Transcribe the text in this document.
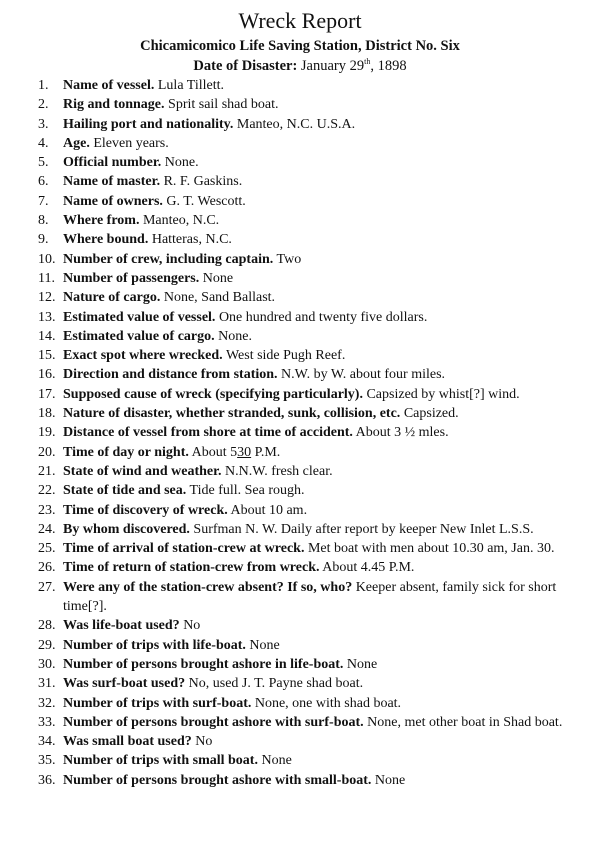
Wreck Report
Chicamicomico Life Saving Station, District No. Six
Date of Disaster: January 29th, 1898
1. Name of vessel. Lula Tillett.
2. Rig and tonnage. Sprit sail shad boat.
3. Hailing port and nationality. Manteo, N.C. U.S.A.
4. Age. Eleven years.
5. Official number. None.
6. Name of master. R. F. Gaskins.
7. Name of owners. G. T. Wescott.
8. Where from. Manteo, N.C.
9. Where bound. Hatteras, N.C.
10. Number of crew, including captain. Two
11. Number of passengers. None
12. Nature of cargo. None, Sand Ballast.
13. Estimated value of vessel. One hundred and twenty five dollars.
14. Estimated value of cargo. None.
15. Exact spot where wrecked. West side Pugh Reef.
16. Direction and distance from station. N.W. by W. about four miles.
17. Supposed cause of wreck (specifying particularly). Capsized by whist[?] wind.
18. Nature of disaster, whether stranded, sunk, collision, etc. Capsized.
19. Distance of vessel from shore at time of accident. About 3 ½ mles.
20. Time of day or night. About 530 P.M.
21. State of wind and weather. N.N.W. fresh clear.
22. State of tide and sea. Tide full. Sea rough.
23. Time of discovery of wreck. About 10 am.
24. By whom discovered. Surfman N. W. Daily after report by keeper New Inlet L.S.S.
25. Time of arrival of station-crew at wreck. Met boat with men about 10.30 am, Jan. 30.
26. Time of return of station-crew from wreck. About 4.45 P.M.
27. Were any of the station-crew absent? If so, who? Keeper absent, family sick for short time[?].
28. Was life-boat used? No
29. Number of trips with life-boat. None
30. Number of persons brought ashore in life-boat. None
31. Was surf-boat used? No, used J. T. Payne shad boat.
32. Number of trips with surf-boat. None, one with shad boat.
33. Number of persons brought ashore with surf-boat. None, met other boat in Shad boat.
34. Was small boat used? No
35. Number of trips with small boat. None
36. Number of persons brought ashore with small-boat. None
